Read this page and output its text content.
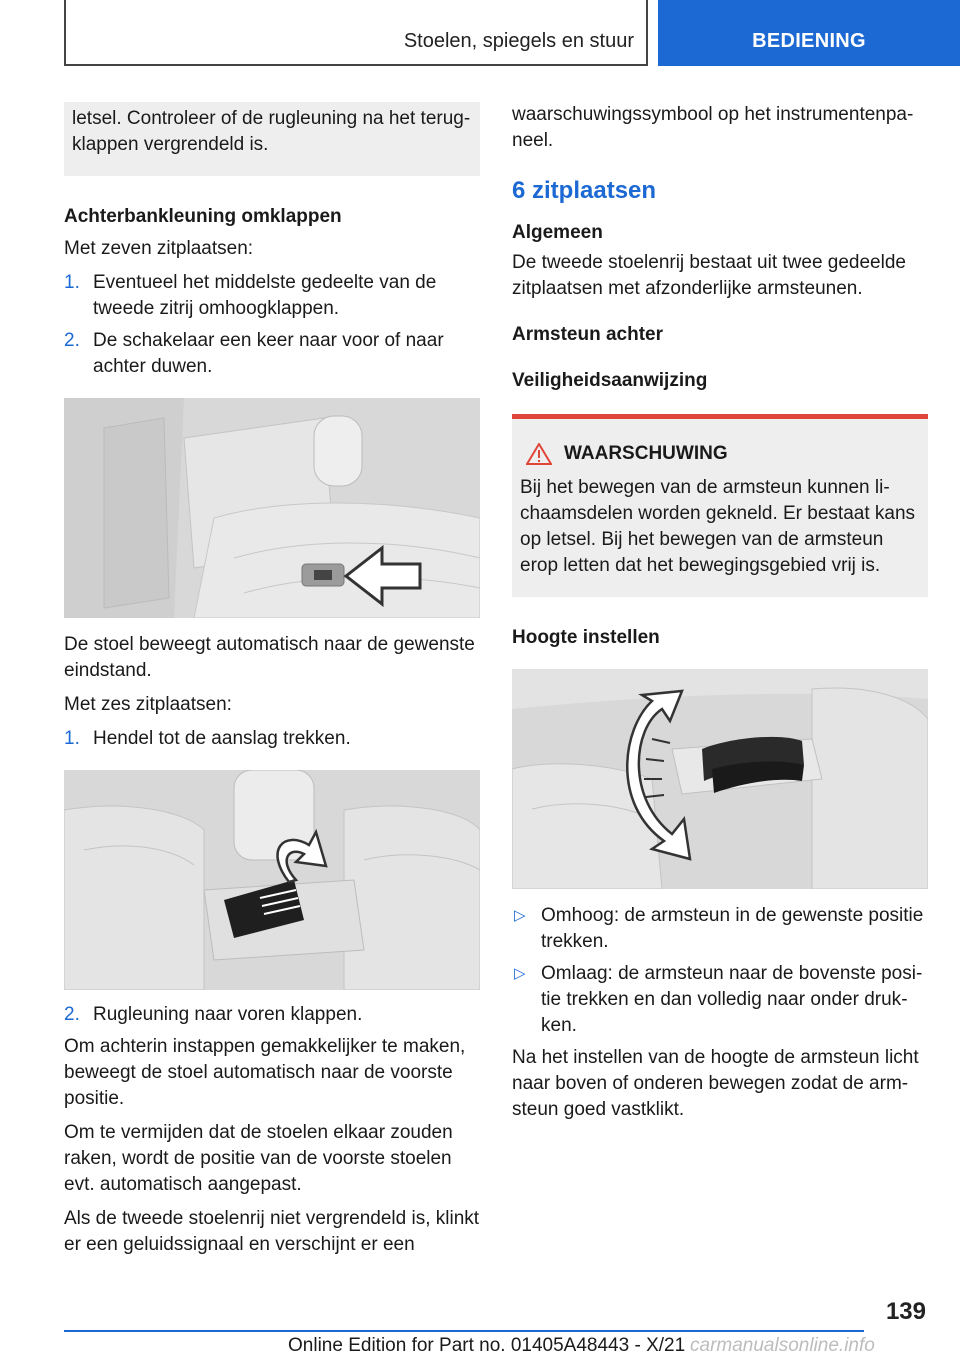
Stoelen, spiegels en stuur	BEDIENING

letsel. Controleer of de rugleuning na het terugklappen vergrendeld is.

Achterbankleuning omklappen

Met zeven zitplaatsen:

1. Eventueel het middelste gedeelte van de tweede zitrij omhoogklappen.
2. De schakelaar een keer naar voor of naar achter duwen.

De stoel beweegt automatisch naar de gewenste eindstand.

Met zes zitplaatsen:

1. Hendel tot de aanslag trekken.
2. Rugleuning naar voren klappen.

Om achterin instappen gemakkelijker te maken, beweegt de stoel automatisch naar de voorste positie.

Om te vermijden dat de stoelen elkaar zouden raken, wordt de positie van de voorste stoelen evt. automatisch aangepast.

Als de tweede stoelenrij niet vergrendeld is, klinkt er een geluidssignaal en verschijnt er een

waarschuwingssymbool op het instrumentenpaneel.

6 zitplaatsen
Algemeen

De tweede stoelenrij bestaat uit twee gedeelde zitplaatsen met afzonderlijke armsteunen.

Armsteun achter
Veiligheidsaanwijzing
WAARSCHUWING

Bij het bewegen van de armsteun kunnen lichaamsdelen worden gekneld. Er bestaat kans op letsel. Bij het bewegen van de armsteun erop letten dat het bewegingsgebied vrij is.

Hoogte instellen
▷ Omhoog: de armsteun in de gewenste positie trekken.
▷ Omlaag: de armsteun naar de bovenste positie trekken en dan volledig naar onder drukken.

Na het instellen van de hoogte de armsteun licht naar boven of onderen bewegen zodat de armsteun goed vastklikt.

139
Online Edition for Part no. 01405A48443 - X/21 carmanualsonline.info
